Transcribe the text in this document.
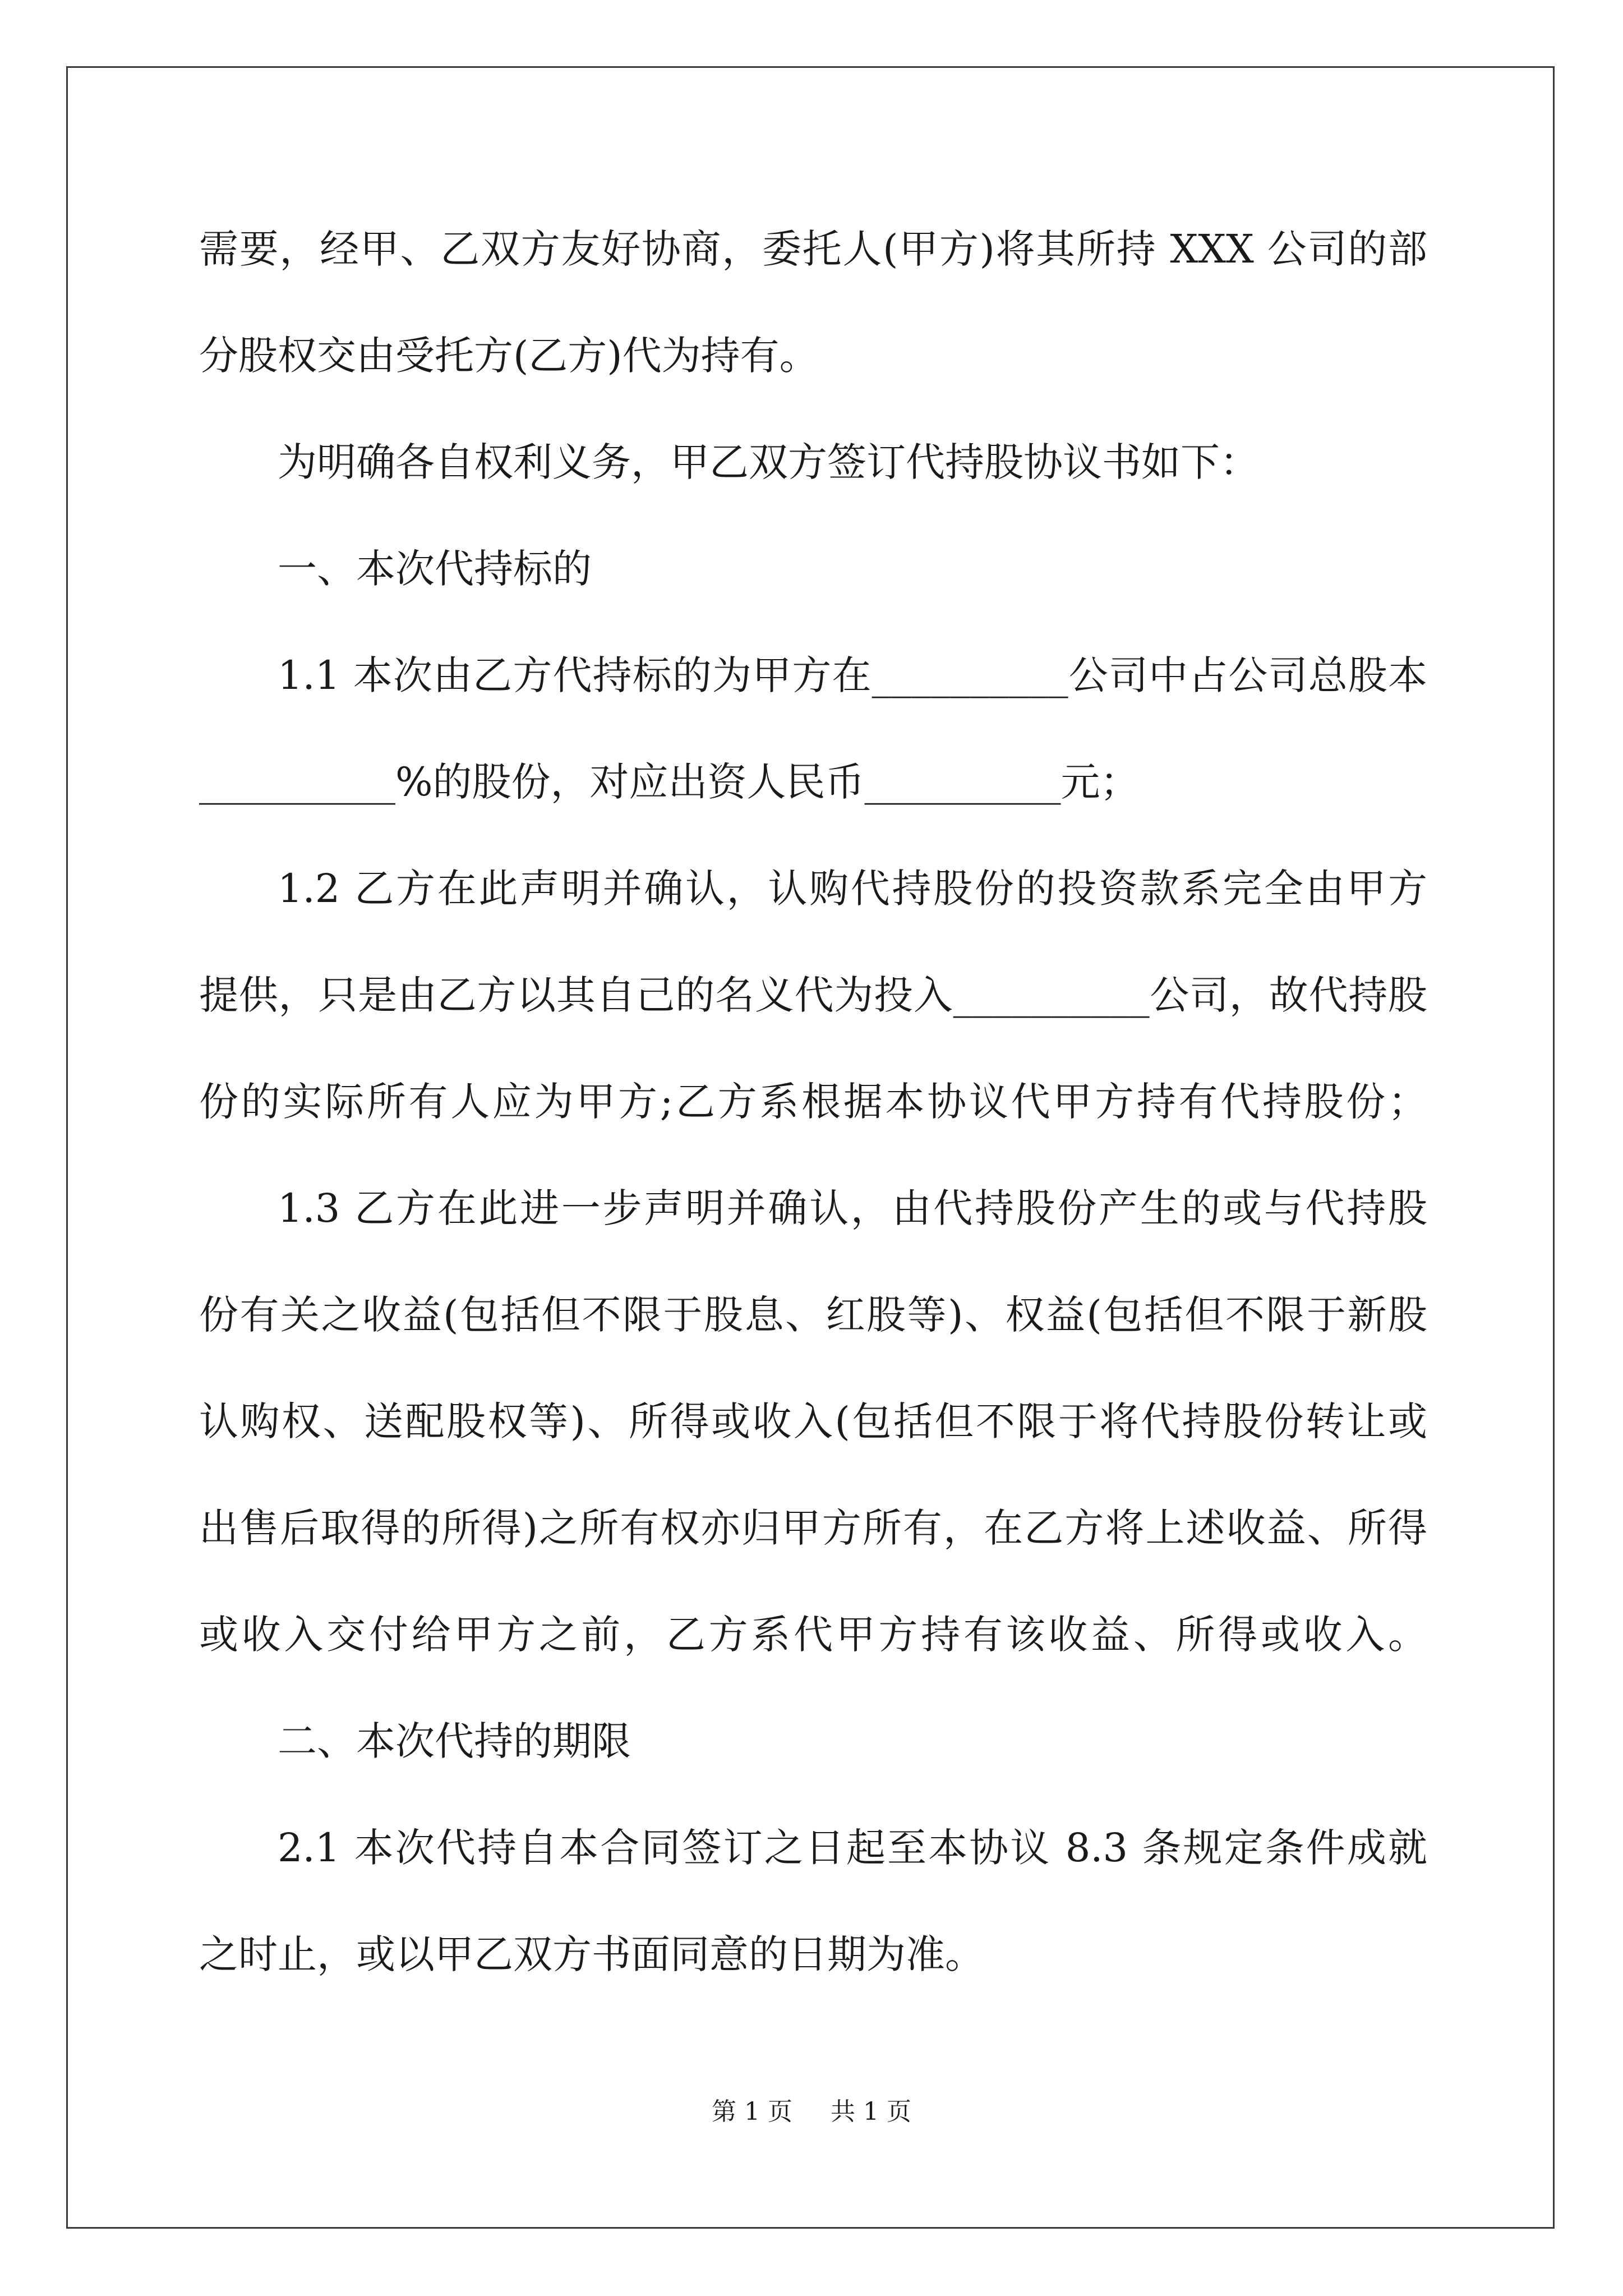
需要，经甲、乙双方友好协商，委托人(甲方)将其所持 XXX 公司的部
分股权交由受托方(乙方)代为持有。
为明确各自权利义务，甲乙双方签订代持股协议书如下：
一、本次代持标的
1.1 本次由乙方代持标的为甲方在__________公司中占公司总股本
__________%的股份，对应出资人民币__________元；
1.2 乙方在此声明并确认，认购代持股份的投资款系完全由甲方
提供，只是由乙方以其自己的名义代为投入__________公司，故代持股
份的实际所有人应为甲方;乙方系根据本协议代甲方持有代持股份；
1.3 乙方在此进一步声明并确认，由代持股份产生的或与代持股
份有关之收益(包括但不限于股息、红股等)、权益(包括但不限于新股
认购权、送配股权等)、所得或收入(包括但不限于将代持股份转让或
出售后取得的所得)之所有权亦归甲方所有，在乙方将上述收益、所得
或收入交付给甲方之前，乙方系代甲方持有该收益、所得或收入。
二、本次代持的期限
2.1 本次代持自本合同签订之日起至本协议 8.3 条规定条件成就
之时止，或以甲乙双方书面同意的日期为准。
第 1 页 共 1 页
